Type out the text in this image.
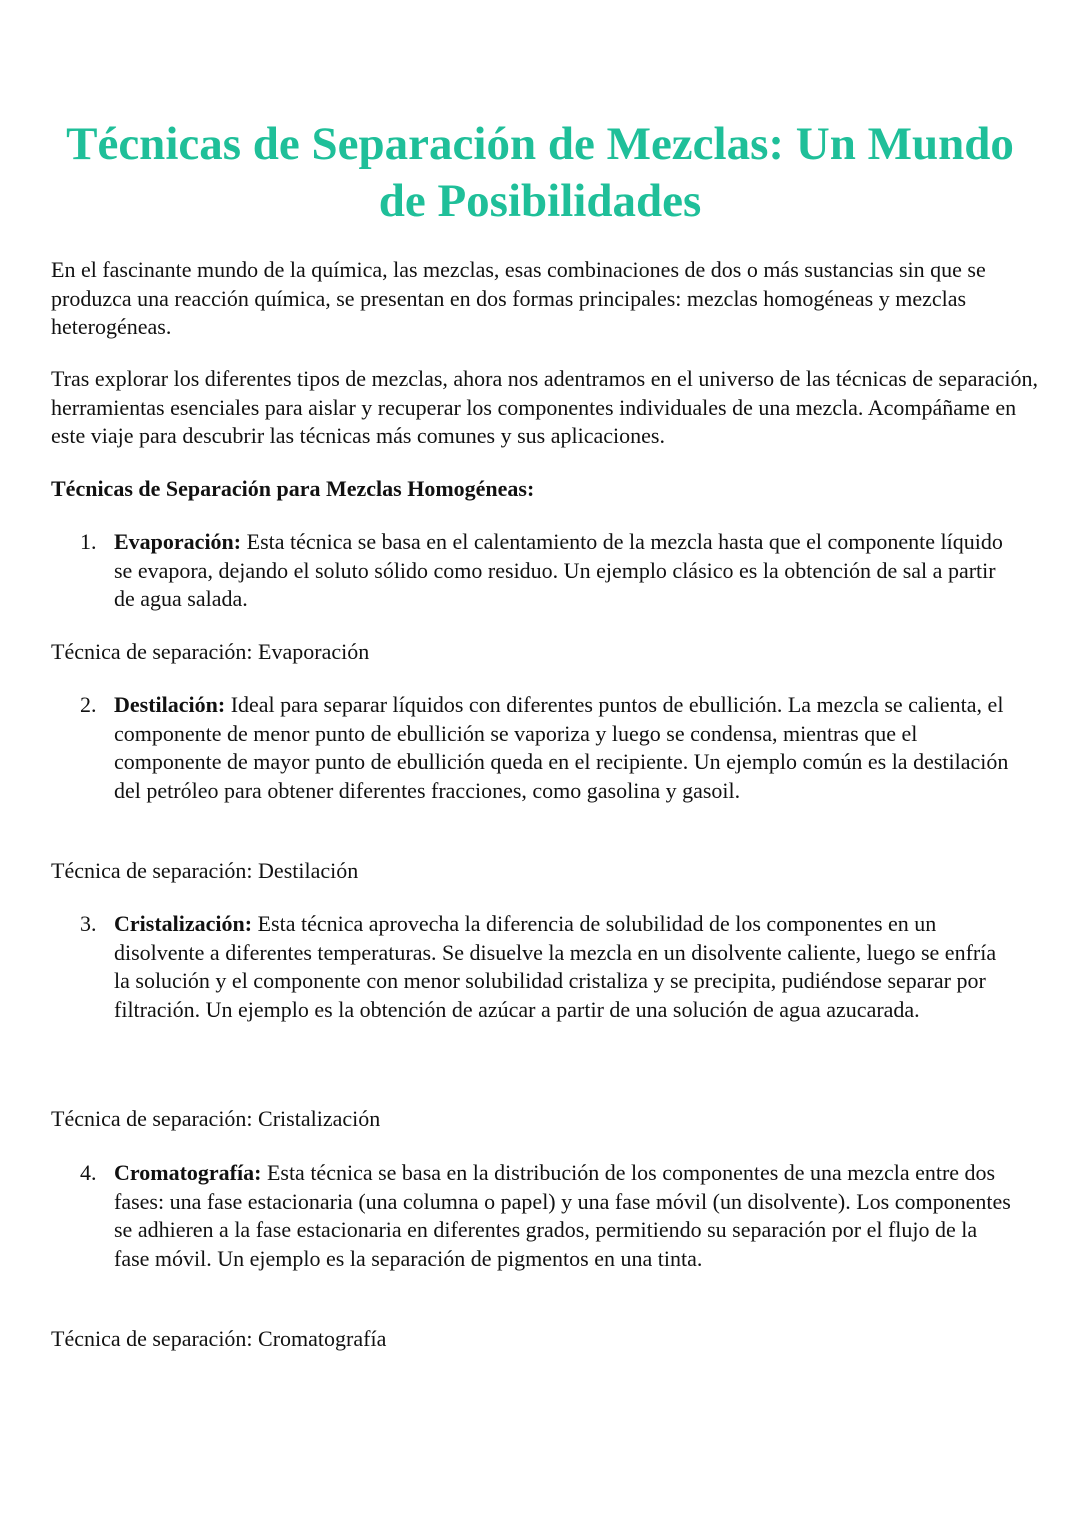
Técnicas de Separación de Mezclas: Un Mundo de Posibilidades

En el fascinante mundo de la química, las mezclas, esas combinaciones de dos o más sustancias sin que se produzca una reacción química, se presentan en dos formas principales: mezclas homogéneas y mezclas heterogéneas.

Tras explorar los diferentes tipos de mezclas, ahora nos adentramos en el universo de las técnicas de separación, herramientas esenciales para aislar y recuperar los componentes individuales de una mezcla. Acompáñame en este viaje para descubrir las técnicas más comunes y sus aplicaciones.

Técnicas de Separación para Mezclas Homogéneas:

1. Evaporación: Esta técnica se basa en el calentamiento de la mezcla hasta que el componente líquido se evapora, dejando el soluto sólido como residuo. Un ejemplo clásico es la obtención de sal a partir de agua salada.

Técnica de separación: Evaporación

2. Destilación: Ideal para separar líquidos con diferentes puntos de ebullición. La mezcla se calienta, el componente de menor punto de ebullición se vaporiza y luego se condensa, mientras que el componente de mayor punto de ebullición queda en el recipiente. Un ejemplo común es la destilación del petróleo para obtener diferentes fracciones, como gasolina y gasoil.

Técnica de separación: Destilación

3. Cristalización: Esta técnica aprovecha la diferencia de solubilidad de los componentes en un disolvente a diferentes temperaturas. Se disuelve la mezcla en un disolvente caliente, luego se enfría la solución y el componente con menor solubilidad cristaliza y se precipita, pudiéndose separar por filtración. Un ejemplo es la obtención de azúcar a partir de una solución de agua azucarada.

Técnica de separación: Cristalización

4. Cromatografía: Esta técnica se basa en la distribución de los componentes de una mezcla entre dos fases: una fase estacionaria (una columna o papel) y una fase móvil (un disolvente). Los componentes se adhieren a la fase estacionaria en diferentes grados, permitiendo su separación por el flujo de la fase móvil. Un ejemplo es la separación de pigmentos en una tinta.

Técnica de separación: Cromatografía
